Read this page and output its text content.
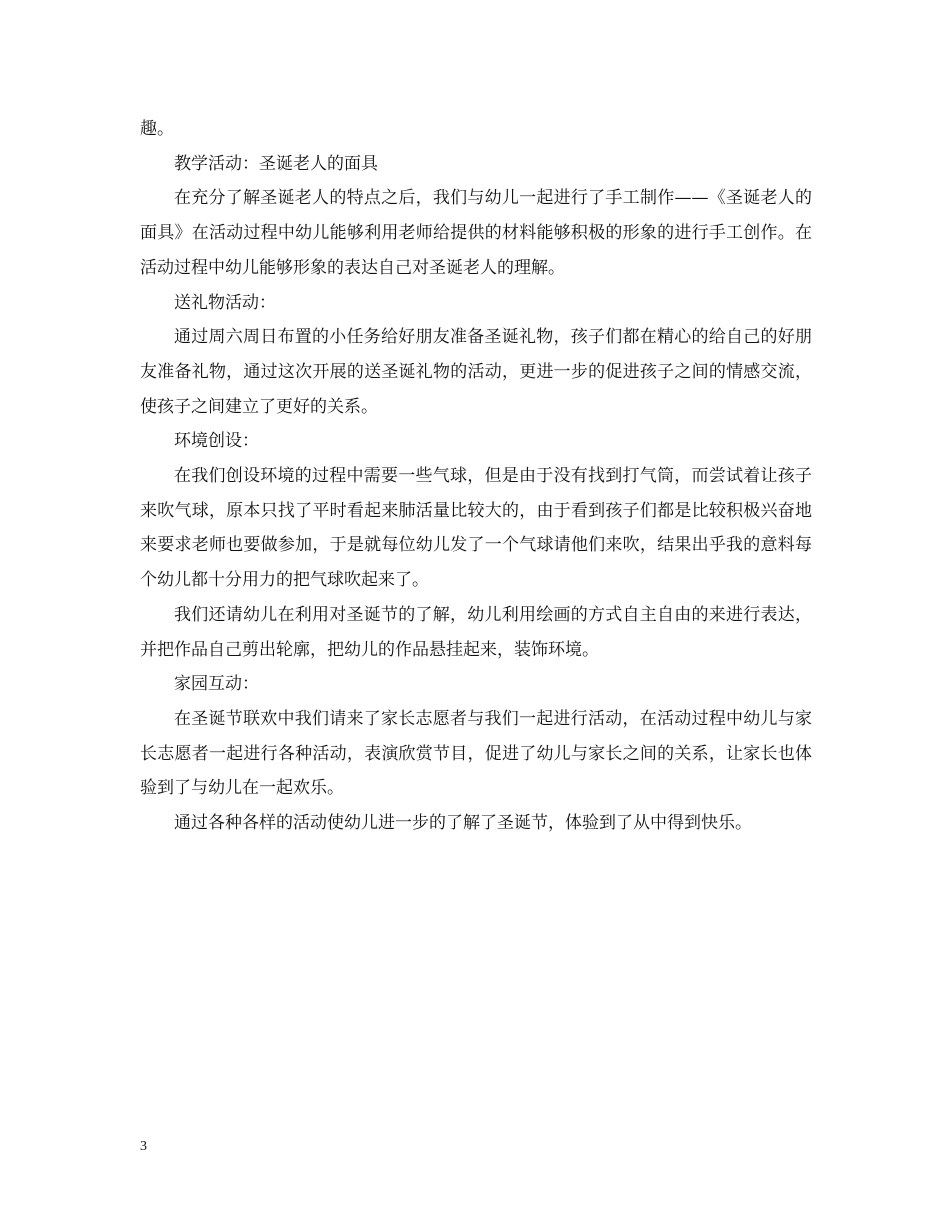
趣。

教学活动：圣诞老人的面具

在充分了解圣诞老人的特点之后，我们与幼儿一起进行了手工制作——《圣诞老人的面具》在活动过程中幼儿能够利用老师给提供的材料能够积极的形象的进行手工创作。在活动过程中幼儿能够形象的表达自己对圣诞老人的理解。

送礼物活动：

通过周六周日布置的小任务给好朋友准备圣诞礼物，孩子们都在精心的给自己的好朋友准备礼物，通过这次开展的送圣诞礼物的活动，更进一步的促进孩子之间的情感交流，使孩子之间建立了更好的关系。

环境创设：

在我们创设环境的过程中需要一些气球，但是由于没有找到打气筒，而尝试着让孩子来吹气球，原本只找了平时看起来肺活量比较大的，由于看到孩子们都是比较积极兴奋地来要求老师也要做参加，于是就每位幼儿发了一个气球请他们来吹，结果出乎我的意料每个幼儿都十分用力的把气球吹起来了。

我们还请幼儿在利用对圣诞节的了解，幼儿利用绘画的方式自主自由的来进行表达，并把作品自己剪出轮廓，把幼儿的作品悬挂起来，装饰环境。

家园互动：

在圣诞节联欢中我们请来了家长志愿者与我们一起进行活动，在活动过程中幼儿与家长志愿者一起进行各种活动，表演欣赏节目，促进了幼儿与家长之间的关系，让家长也体验到了与幼儿在一起欢乐。

通过各种各样的活动使幼儿进一步的了解了圣诞节，体验到了从中得到快乐。

3
